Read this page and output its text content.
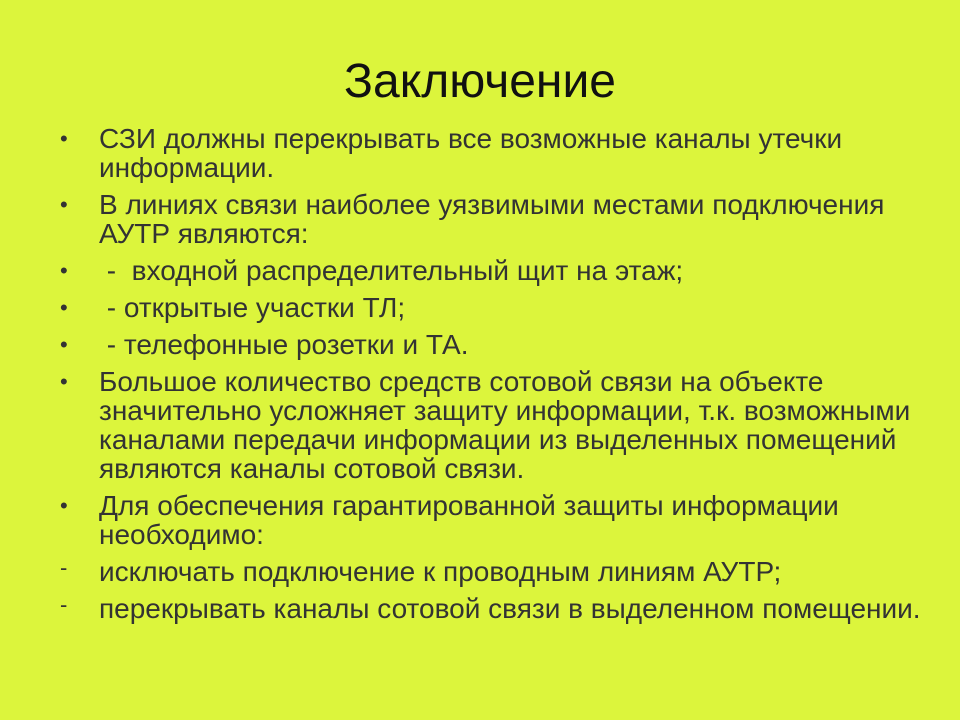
Заключение
•	СЗИ должны перекрывать все возможные каналы утечки информации.
•	В линиях связи наиболее уязвимыми местами подключения АУТР являются:
•	-  входной распределительный щит на этаж;
•	- открытые участки ТЛ;
•	- телефонные розетки и ТА.
•	Большое количество средств сотовой связи на объекте значительно усложняет защиту информации, т.к. возможными каналами передачи информации из выделенных помещений являются каналы сотовой связи.
•	Для обеспечения гарантированной защиты информации необходимо:
-	исключать подключение к проводным линиям АУТР;
-	перекрывать каналы сотовой связи в выделенном помещении.
